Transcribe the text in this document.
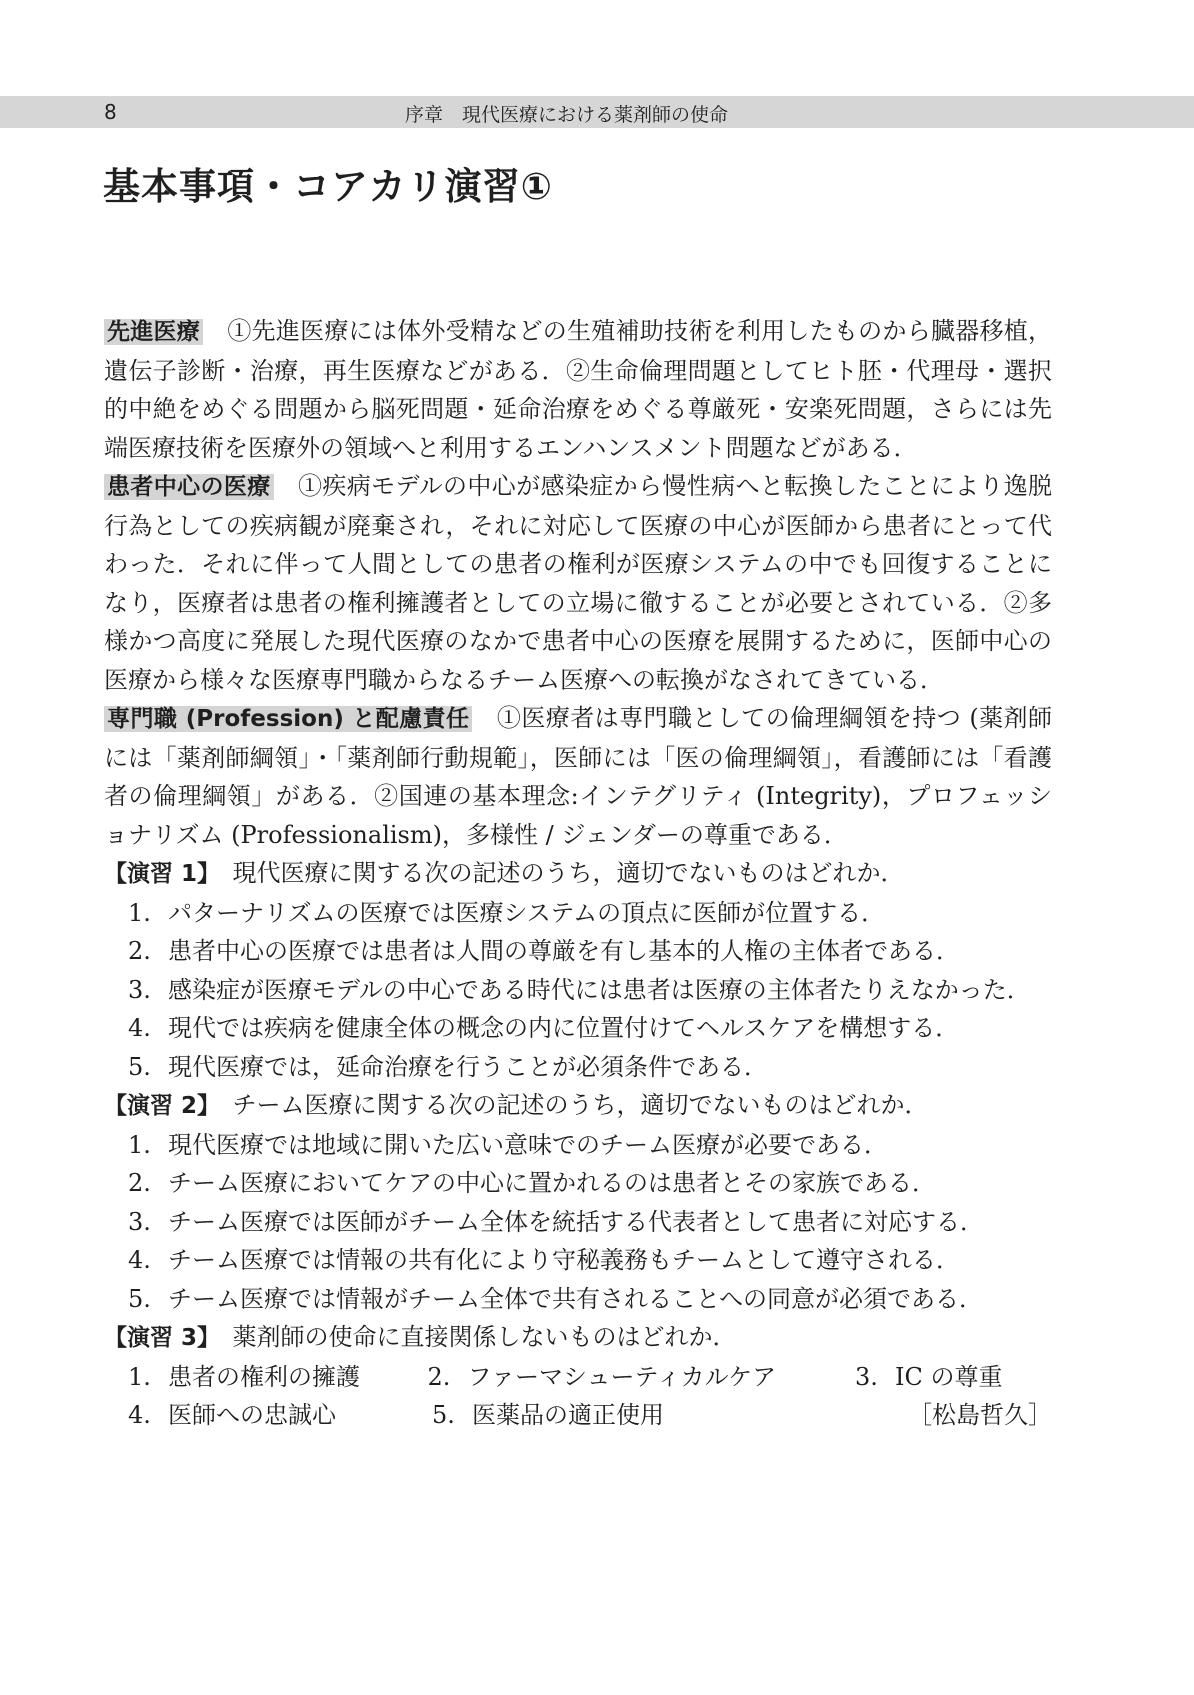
8	序章　現代医療における薬剤師の使命
基本事項・コアカリ演習①

先進医療　 ①先進医療には体外受精などの生殖補助技術を利用したものから臓器移植，遺伝子診断・治療，再生医療などがある．②生命倫理問題としてヒト胚・代理母・選択的中絶をめぐる問題から脳死問題・延命治療をめぐる尊厳死・安楽死問題，さらには先端医療技術を医療外の領域へと利用するエンハンスメント問題などがある．

患者中心の医療　 ①疾病モデルの中心が感染症から慢性病へと転換したことにより逸脱行為としての疾病観が廃棄され，それに対応して医療の中心が医師から患者にとって代わった．それに伴って人間としての患者の権利が医療システムの中でも回復することになり，医療者は患者の権利擁護者としての立場に徹することが必要とされている．②多様かつ高度に発展した現代医療のなかで患者中心の医療を展開するために，医師中心の医療から様々な医療専門職からなるチーム医療への転換がなされてきている．

専門職 (Profession) と配慮責任　 ①医療者は専門職としての倫理綱領を持つ (薬剤師には「薬剤師綱領」・「薬剤師行動規範」，医師には「医の倫理綱領」，看護師には「看護者の倫理綱領」がある．②国連の基本理念:インテグリティ (Integrity)，プロフェッショナリズム (Professionalism)，多様性 / ジェンダーの尊重である．

【演習 1】　 現代医療に関する次の記述のうち，適切でないものはどれか．

1. パターナリズムの医療では医療システムの頂点に医師が位置する．
2. 患者中心の医療では患者は人間の尊厳を有し基本的人権の主体者である．
3. 感染症が医療モデルの中心である時代には患者は医療の主体者たりえなかった．
4. 現代では疾病を健康全体の概念の内に位置付けてヘルスケアを構想する．
5. 現代医療では，延命治療を行うことが必須条件である．

【演習 2】　 チーム医療に関する次の記述のうち，適切でないものはどれか．

1. 現代医療では地域に開いた広い意味でのチーム医療が必要である．
2. チーム医療においてケアの中心に置かれるのは患者とその家族である．
3. チーム医療では医師がチーム全体を統括する代表者として患者に対応する．
4. チーム医療では情報の共有化により守秘義務もチームとして遵守される．
5. チーム医療では情報がチーム全体で共有されることへの同意が必須である．

【演習 3】　 薬剤師の使命に直接関係しないものはどれか．

1. 患者の権利の擁護	2. ファーマシューティカルケア	3. IC の尊重
4. 医師への忠誠心	5. 医薬品の適正使用	［松島哲久］
